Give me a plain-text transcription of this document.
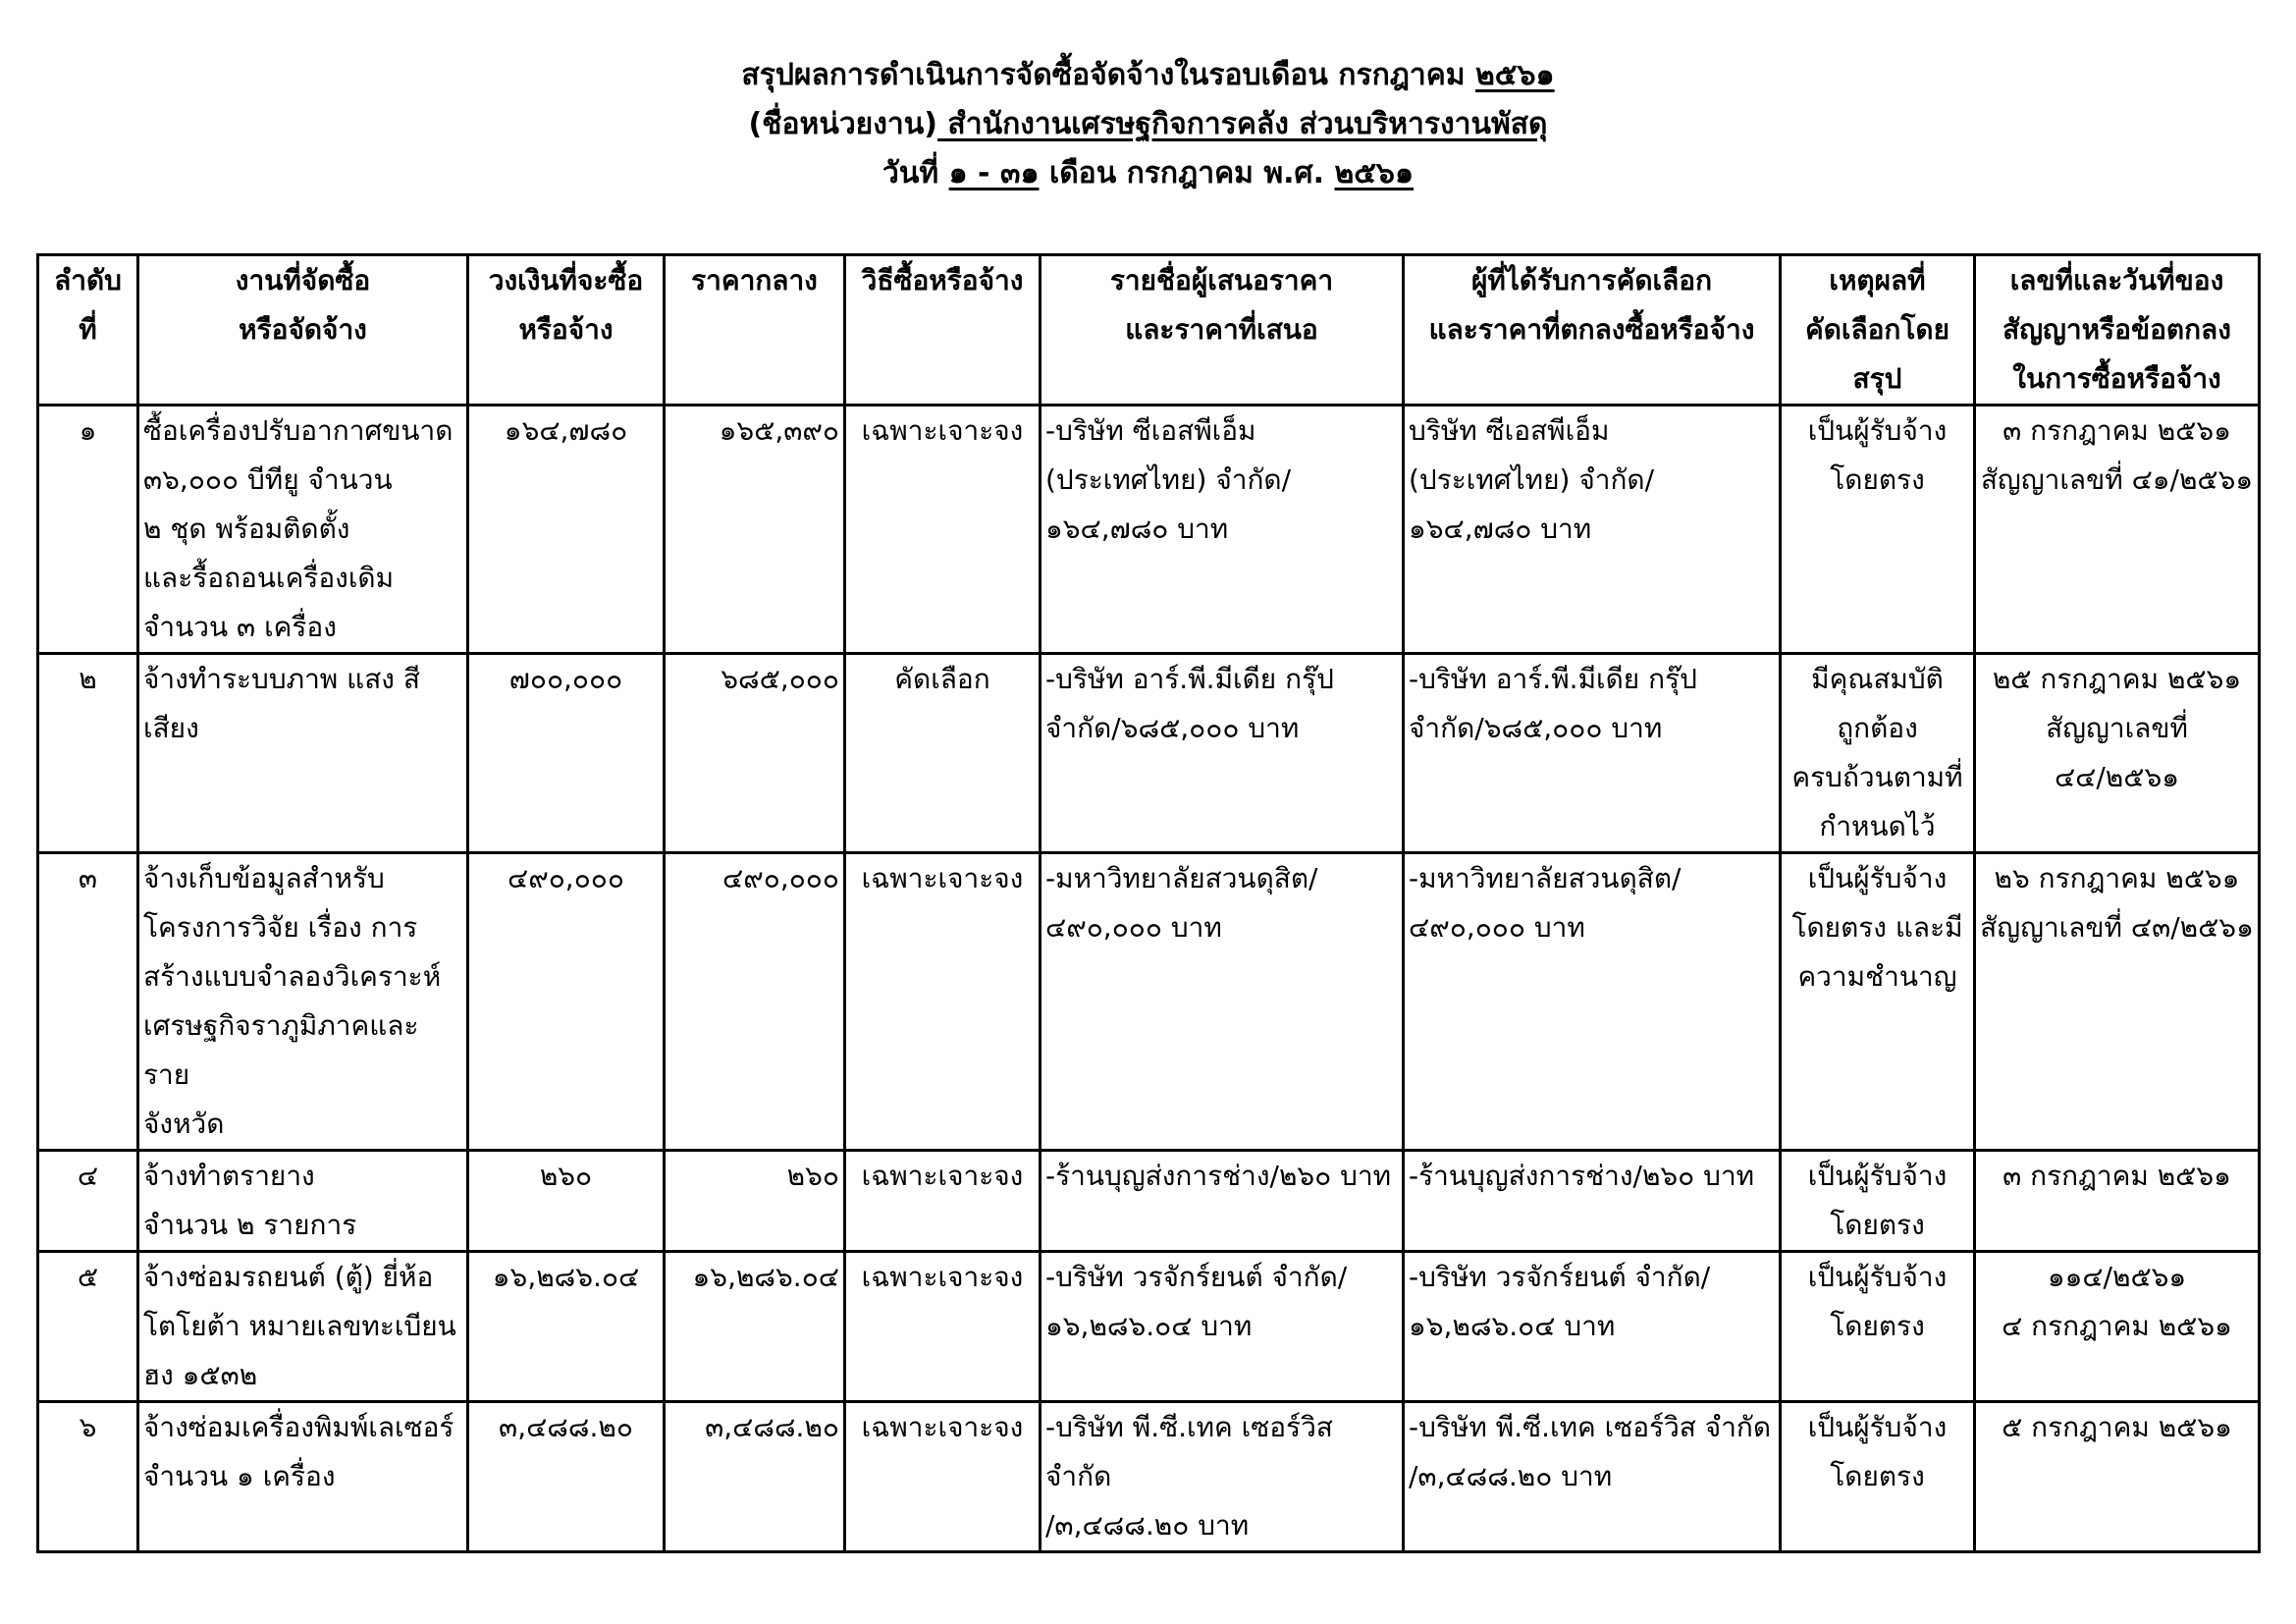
สรุปผลการดำเนินการจัดซื้อจัดจ้างในรอบเดือน กรกฎาคม ๒๕๖๑
(ชื่อหน่วยงาน) สำนักงานเศรษฐกิจการคลัง ส่วนบริหารงานพัสดุ
วันที่ ๑ - ๓๑ เดือน กรกฎาคม พ.ศ. ๒๕๖๑
ลำดับ
ที่	งานที่จัดซื้อ
หรือจัดจ้าง	วงเงินที่จะซื้อ
หรือจ้าง	ราคากลาง	วิธีซื้อหรือจ้าง	รายชื่อผู้เสนอราคา
และราคาที่เสนอ	ผู้ที่ได้รับการคัดเลือก
และราคาที่ตกลงซื้อหรือจ้าง	เหตุผลที่
คัดเลือกโดย
สรุป	เลขที่และวันที่ของ
สัญญาหรือข้อตกลง
ในการซื้อหรือจ้าง

๑	ซื้อเครื่องปรับอากาศขนาด
๓๖,๐๐๐ บีทียู จำนวน
๒ ชุด พร้อมติดตั้ง
และรื้อถอนเครื่องเดิม
จำนวน ๓ เครื่อง	๑๖๔,๗๘๐	๑๖๕,๓๙๐	เฉพาะเจาะจง	-บริษัท ซีเอสพีเอ็ม
(ประเทศไทย) จำกัด/
๑๖๔,๗๘๐ บาท	บริษัท ซีเอสพีเอ็ม
(ประเทศไทย) จำกัด/
๑๖๔,๗๘๐ บาท	เป็นผู้รับจ้าง
โดยตรง	๓ กรกฎาคม ๒๕๖๑
สัญญาเลขที่ ๔๑/๒๕๖๑

๒	จ้างทำระบบภาพ แสง สี
เสียง	๗๐๐,๐๐๐	๖๘๕,๐๐๐	คัดเลือก	-บริษัท อาร์.พี.มีเดีย กรุ๊ป
จำกัด/๖๘๕,๐๐๐ บาท	-บริษัท อาร์.พี.มีเดีย กรุ๊ป
จำกัด/๖๘๕,๐๐๐ บาท	มีคุณสมบัติ
ถูกต้อง
ครบถ้วนตามที่
กำหนดไว้	๒๕ กรกฎาคม ๒๕๖๑
สัญญาเลขที่ ๔๔/๒๕๖๑

๓	จ้างเก็บข้อมูลสำหรับ
โครงการวิจัย เรื่อง การ
สร้างแบบจำลองวิเคราะห์
เศรษฐกิจราภูมิภาคและราย
จังหวัด	๔๙๐,๐๐๐	๔๙๐,๐๐๐	เฉพาะเจาะจง	-มหาวิทยาลัยสวนดุสิต/
๔๙๐,๐๐๐ บาท	-มหาวิทยาลัยสวนดุสิต/
๔๙๐,๐๐๐ บาท	เป็นผู้รับจ้าง
โดยตรง และมี
ความชำนาญ	๒๖ กรกฎาคม ๒๕๖๑
สัญญาเลขที่ ๔๓/๒๕๖๑

๔	จ้างทำตรายาง
จำนวน ๒ รายการ	๒๖๐	๒๖๐	เฉพาะเจาะจง	-ร้านบุญส่งการช่าง/๒๖๐ บาท	-ร้านบุญส่งการช่าง/๒๖๐ บาท	เป็นผู้รับจ้าง
โดยตรง	๓ กรกฎาคม ๒๕๖๑

๕	จ้างซ่อมรถยนต์ (ตู้) ยี่ห้อ
โตโยต้า หมายเลขทะเบียน
ฮง ๑๕๓๒	๑๖,๒๘๖.๐๔	๑๖,๒๘๖.๐๔	เฉพาะเจาะจง	-บริษัท วรจักร์ยนต์ จำกัด/
๑๖,๒๘๖.๐๔ บาท	-บริษัท วรจักร์ยนต์ จำกัด/
๑๖,๒๘๖.๐๔ บาท	เป็นผู้รับจ้าง
โดยตรง	๑๑๔/๒๕๖๑
๔ กรกฎาคม ๒๕๖๑

๖	จ้างซ่อมเครื่องพิมพ์เลเซอร์
จำนวน ๑ เครื่อง	๓,๔๘๘.๒๐	๓,๔๘๘.๒๐	เฉพาะเจาะจง	-บริษัท พี.ซี.เทค เซอร์วิส จำกัด
/๓,๔๘๘.๒๐ บาท	-บริษัท พี.ซี.เทค เซอร์วิส จำกัด
/๓,๔๘๘.๒๐ บาท	เป็นผู้รับจ้าง
โดยตรง	๕ กรกฎาคม ๒๕๖๑
